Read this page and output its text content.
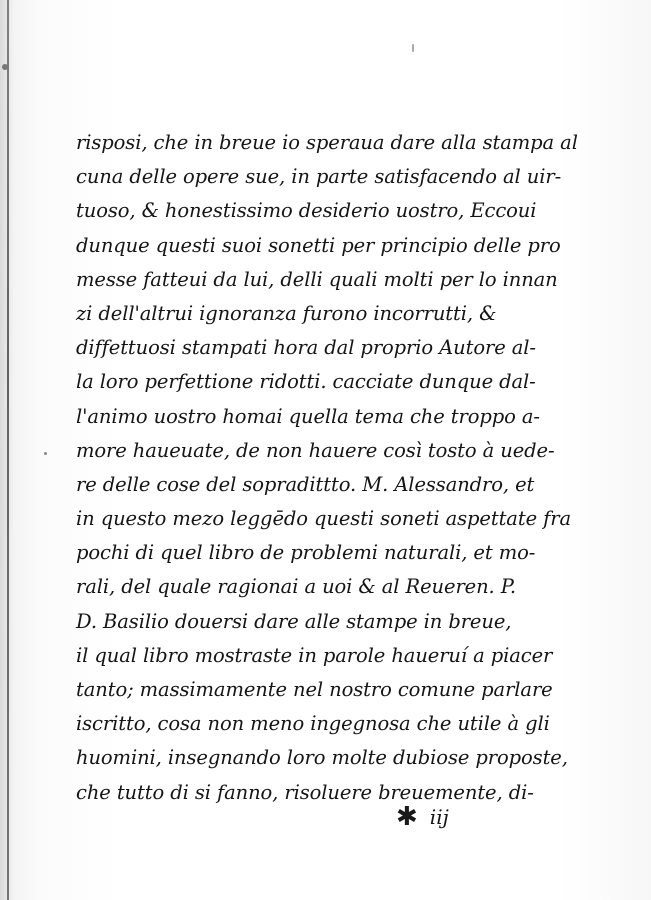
risposi, che in breue io speraua dare alla stampa al
cuna delle opere sue, in parte satisfacendo al uir-
tuoso, & honestissimo desiderio uostro, Eccoui
dunque questi suoi sonetti per principio delle pro
messe fatteui da lui, delli quali molti per lo innan
zi dell'altrui ignoranza furono incorrutti, &
diffettuosi stampati hora dal proprio Autore al-
la loro perfettione ridotti. cacciate dunque dal-
l'animo uostro homai quella tema che troppo a-
more haueuate, de non hauere così tosto à uede-
re delle cose del sopradittto. M. Alessandro, et
in questo mezo leggēdo questi soneti aspettate fra
pochi di quel libro de problemi naturali, et mo-
rali, del quale ragionai a uoi & al Reueren. P.
D. Basilio douersi dare alle stampe in breue,
il qual libro mostraste in parole haueruí a piacer
tanto; massimamente nel nostro comune parlare
iscritto, cosa non meno ingegnosa che utile à gli
huomini, insegnando loro molte dubiose proposte,
che tutto di si fanno, risoluere breuemente, di-
✱ iij
